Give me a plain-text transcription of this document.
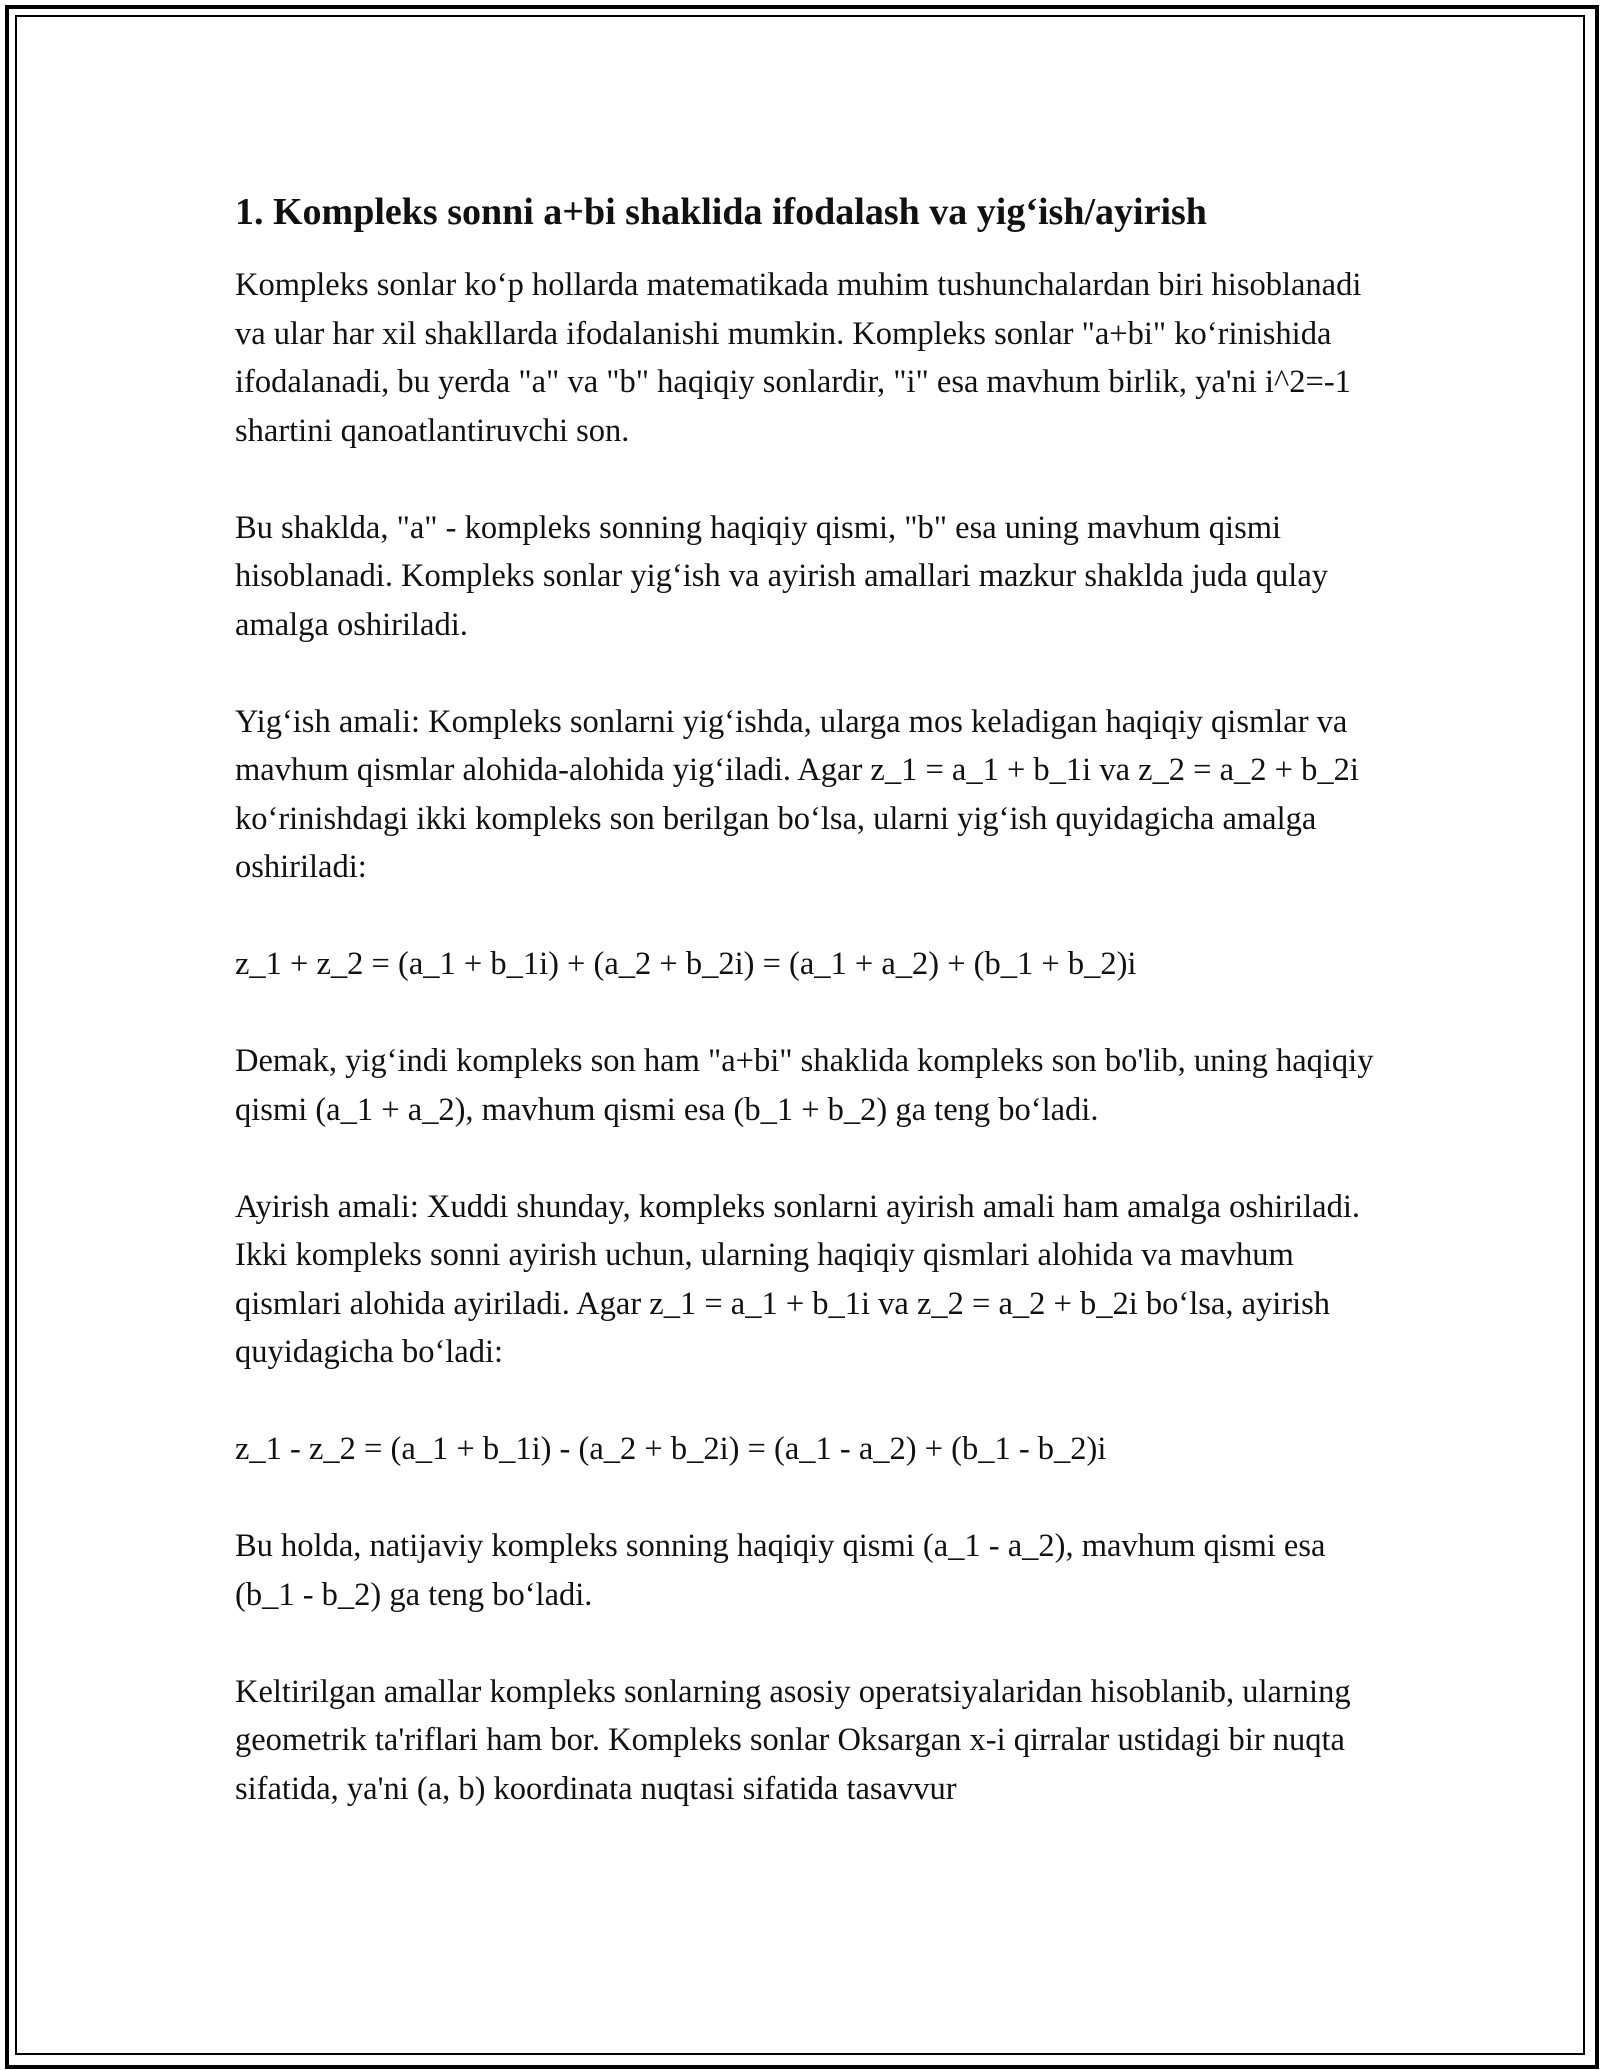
1. Kompleks sonni a+bi shaklida ifodalash va yig‘ish/ayirish

Kompleks sonlar ko‘p hollarda matematikada muhim tushunchalardan biri hisoblanadi va ular har xil shakllarda ifodalanishi mumkin. Kompleks sonlar "a+bi" ko‘rinishida ifodalanadi, bu yerda "a" va "b" haqiqiy sonlardir, "i" esa mavhum birlik, ya'ni i^2=-1 shartini qanoatlantiruvchi son.

Bu shaklda, "a" - kompleks sonning haqiqiy qismi, "b" esa uning mavhum qismi hisoblanadi. Kompleks sonlar yig‘ish va ayirish amallari mazkur shaklda juda qulay amalga oshiriladi.

Yig‘ish amali: Kompleks sonlarni yig‘ishda, ularga mos keladigan haqiqiy qismlar va mavhum qismlar alohida-alohida yig‘iladi. Agar z_1 = a_1 + b_1i va z_2 = a_2 + b_2i ko‘rinishdagi ikki kompleks son berilgan bo‘lsa, ularni yig‘ish quyidagicha amalga oshiriladi:

z_1 + z_2 = (a_1 + b_1i) + (a_2 + b_2i) = (a_1 + a_2) + (b_1 + b_2)i

Demak, yig‘indi kompleks son ham "a+bi" shaklida kompleks son bo'lib, uning haqiqiy qismi (a_1 + a_2), mavhum qismi esa (b_1 + b_2) ga teng bo‘ladi.

Ayirish amali: Xuddi shunday, kompleks sonlarni ayirish amali ham amalga oshiriladi. Ikki kompleks sonni ayirish uchun, ularning haqiqiy qismlari alohida va mavhum qismlari alohida ayiriladi. Agar z_1 = a_1 + b_1i va z_2 = a_2 + b_2i bo‘lsa, ayirish quyidagicha bo‘ladi:

z_1 - z_2 = (a_1 + b_1i) - (a_2 + b_2i) = (a_1 - a_2) + (b_1 - b_2)i

Bu holda, natijaviy kompleks sonning haqiqiy qismi (a_1 - a_2), mavhum qismi esa (b_1 - b_2) ga teng bo‘ladi.

Keltirilgan amallar kompleks sonlarning asosiy operatsiyalaridan hisoblanib, ularning geometrik ta'riflari ham bor. Kompleks sonlar Oksargan x-i qirralar ustidagi bir nuqta sifatida, ya'ni (a, b) koordinata nuqtasi sifatida tasavvur
